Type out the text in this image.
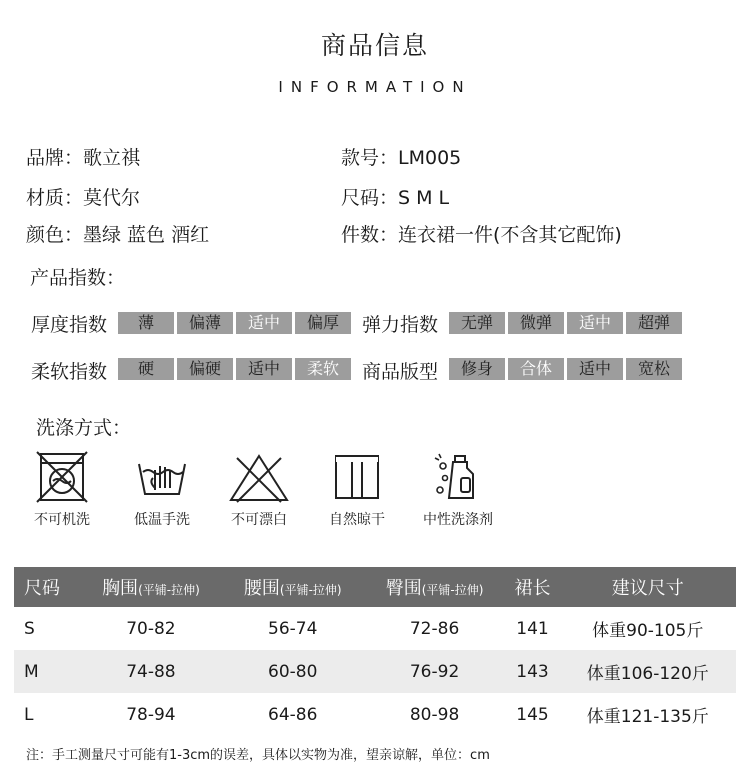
商品信息
INFORMATION
品牌：歌立祺	款号：LM005
材质：莫代尔	尺码：S M L
颜色：墨绿 蓝色 酒红	件数：连衣裙一件(不含其它配饰)
产品指数：
厚度指数	薄	偏薄	适中	偏厚	弹力指数	无弹	微弹	适中	超弹
柔软指数	硬	偏硬	适中	柔软	商品版型	修身	合体	适中	宽松
洗涤方式：
不可机洗	低温手洗	不可漂白	自然晾干	中性洗涤剂
尺码	胸围(平铺-拉伸)	腰围(平铺-拉伸)	臀围(平铺-拉伸)	裙长	建议尺寸
S	70-82	56-74	72-86	141	体重90-105斤
M	74-88	60-80	76-92	143	体重106-120斤
L	78-94	64-86	80-98	145	体重121-135斤
注：手工测量尺寸可能有1-3cm的误差，具体以实物为准，望亲谅解，单位：cm
